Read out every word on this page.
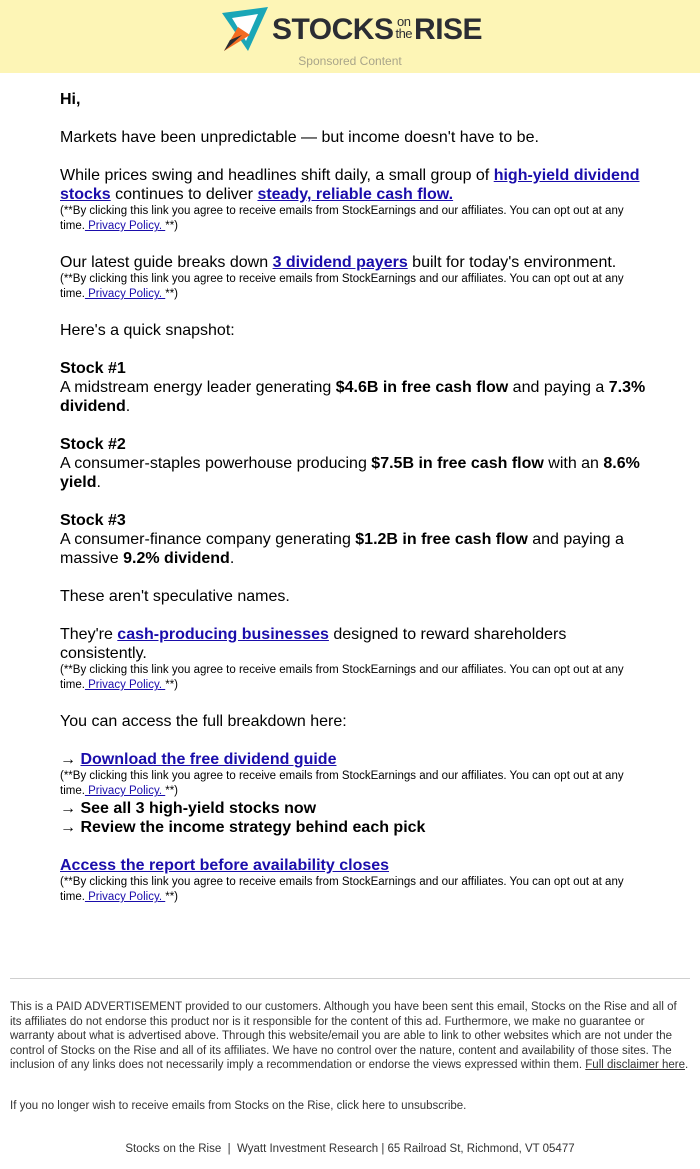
STOCKS on
theRISE
Sponsored Content

Hi,

Markets have been unpredictable — but income doesn't have to be.

While prices swing and headlines shift daily, a small group of high-yield dividend stocks continues to deliver steady, reliable cash flow.

(**By clicking this link you agree to receive emails from StockEarnings and our affiliates. You can opt out at any time. Privacy Policy. **)

Our latest guide breaks down 3 dividend payers built for today's environment.

(**By clicking this link you agree to receive emails from StockEarnings and our affiliates. You can opt out at any time. Privacy Policy. **)

Here's a quick snapshot:

Stock #1

A midstream energy leader generating $4.6B in free cash flow and paying a 7.3% dividend.

Stock #2

A consumer-staples powerhouse producing $7.5B in free cash flow with an 8.6% yield.

Stock #3

A consumer-finance company generating $1.2B in free cash flow and paying a massive 9.2% dividend.

These aren't speculative names.

They're cash-producing businesses designed to reward shareholders consistently.

(**By clicking this link you agree to receive emails from StockEarnings and our affiliates. You can opt out at any time. Privacy Policy. **)

You can access the full breakdown here:

→ Download the free dividend guide

(**By clicking this link you agree to receive emails from StockEarnings and our affiliates. You can opt out at any time. Privacy Policy. **)

→ See all 3 high-yield stocks now

→ Review the income strategy behind each pick

Access the report before availability closes

(**By clicking this link you agree to receive emails from StockEarnings and our affiliates. You can opt out at any time. Privacy Policy. **)

This is a PAID ADVERTISEMENT provided to our customers. Although you have been sent this email, Stocks on the Rise and all of its affiliates do not endorse this product nor is it responsible for the content of this ad. Furthermore, we make no guarantee or warranty about what is advertised above. Through this website/email you are able to link to other websites which are not under the control of Stocks on the Rise and all of its affiliates. We have no control over the nature, content and availability of those sites. The inclusion of any links does not necessarily imply a recommendation or endorse the views expressed within them. Full disclaimer here.
If you no longer wish to receive emails from Stocks on the Rise, click here to unsubscribe.
Stocks on the Rise  |  Wyatt Investment Research | 65 Railroad St, Richmond, VT 05477
